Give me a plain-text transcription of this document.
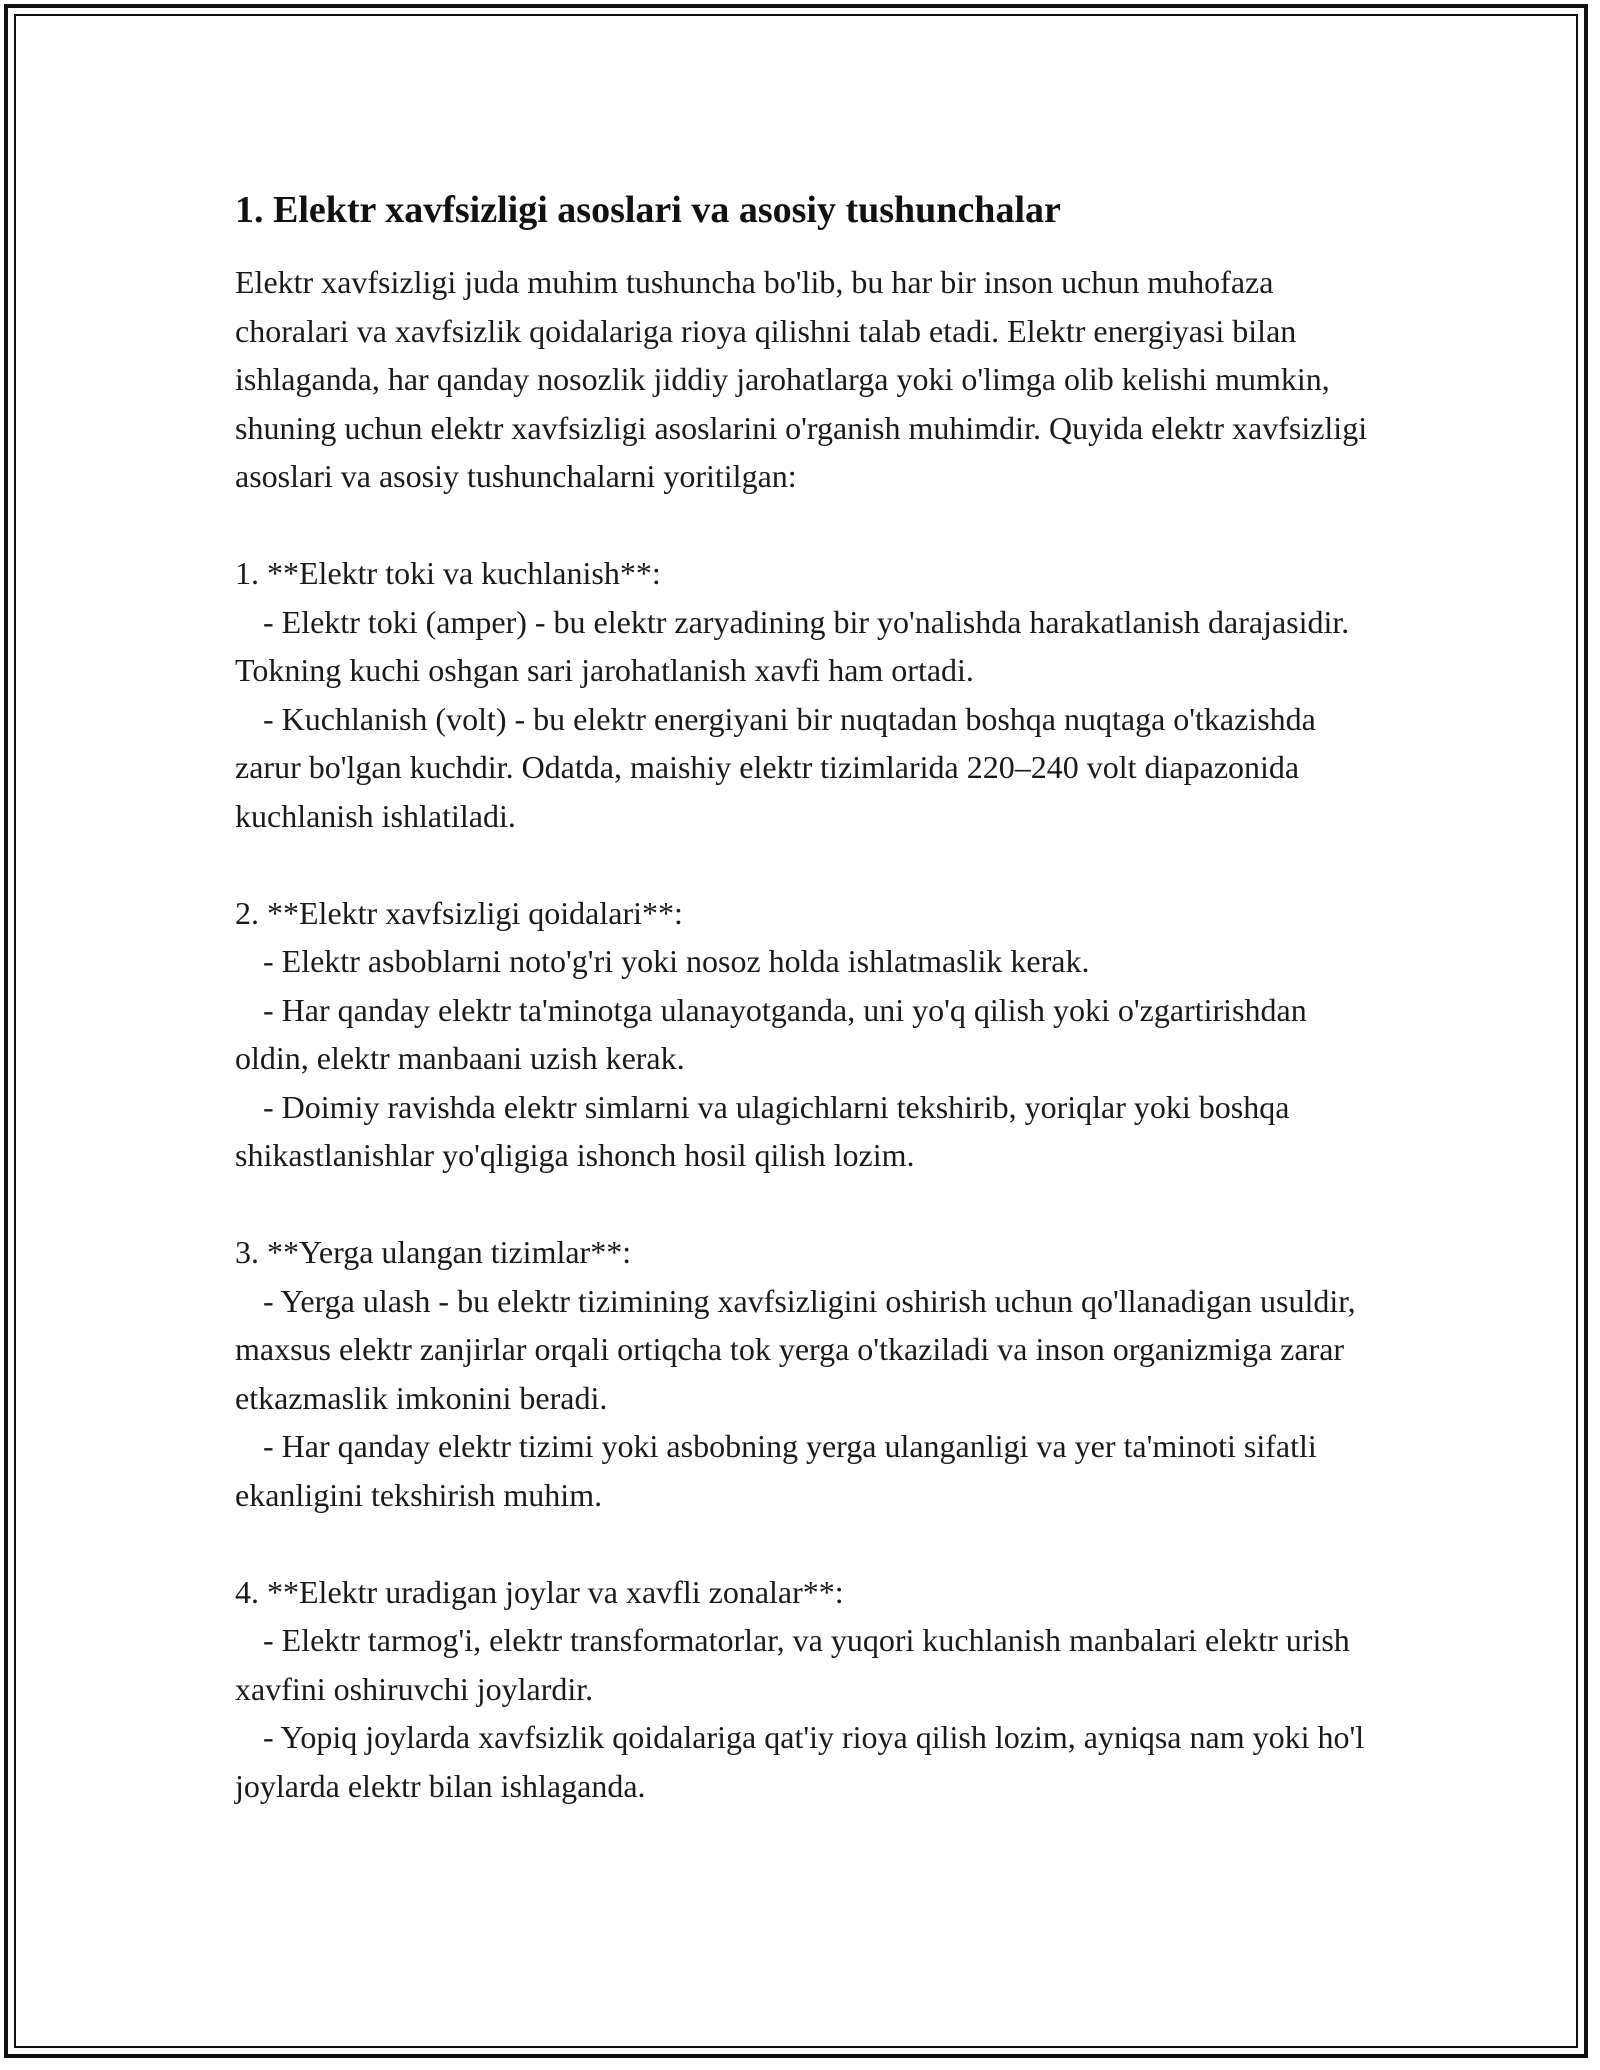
1. Elektr xavfsizligi asoslari va asosiy tushunchalar

Elektr xavfsizligi juda muhim tushuncha bo'lib, bu har bir inson uchun muhofaza choralari va xavfsizlik qoidalariga rioya qilishni talab etadi. Elektr energiyasi bilan ishlaganda, har qanday nosozlik jiddiy jarohatlarga yoki o'limga olib kelishi mumkin, shuning uchun elektr xavfsizligi asoslarini o'rganish muhimdir. Quyida elektr xavfsizligi asoslari va asosiy tushunchalarni yoritilgan:

1. **Elektr toki va kuchlanish**:

- Elektr toki (amper) - bu elektr zaryadining bir yo'nalishda harakatlanish darajasidir. Tokning kuchi oshgan sari jarohatlanish xavfi ham ortadi.

- Kuchlanish (volt) - bu elektr energiyani bir nuqtadan boshqa nuqtaga o'tkazishda zarur bo'lgan kuchdir. Odatda, maishiy elektr tizimlarida 220–240 volt diapazonida kuchlanish ishlatiladi.

2. **Elektr xavfsizligi qoidalari**:

- Elektr asboblarni noto'g'ri yoki nosoz holda ishlatmaslik kerak.

- Har qanday elektr ta'minotga ulanayotganda, uni yo'q qilish yoki o'zgartirishdan oldin, elektr manbaani uzish kerak.

- Doimiy ravishda elektr simlarni va ulagichlarni tekshirib, yoriqlar yoki boshqa shikastlanishlar yo'qligiga ishonch hosil qilish lozim.

3. **Yerga ulangan tizimlar**:

- Yerga ulash - bu elektr tizimining xavfsizligini oshirish uchun qo'llanadigan usuldir, maxsus elektr zanjirlar orqali ortiqcha tok yerga o'tkaziladi va inson organizmiga zarar etkazmaslik imkonini beradi.

- Har qanday elektr tizimi yoki asbobning yerga ulanganligi va yer ta'minoti sifatli ekanligini tekshirish muhim.

4. **Elektr uradigan joylar va xavfli zonalar**:

- Elektr tarmog'i, elektr transformatorlar, va yuqori kuchlanish manbalari elektr urish xavfini oshiruvchi joylardir.

- Yopiq joylarda xavfsizlik qoidalariga qat'iy rioya qilish lozim, ayniqsa nam yoki ho'l joylarda elektr bilan ishlaganda.
